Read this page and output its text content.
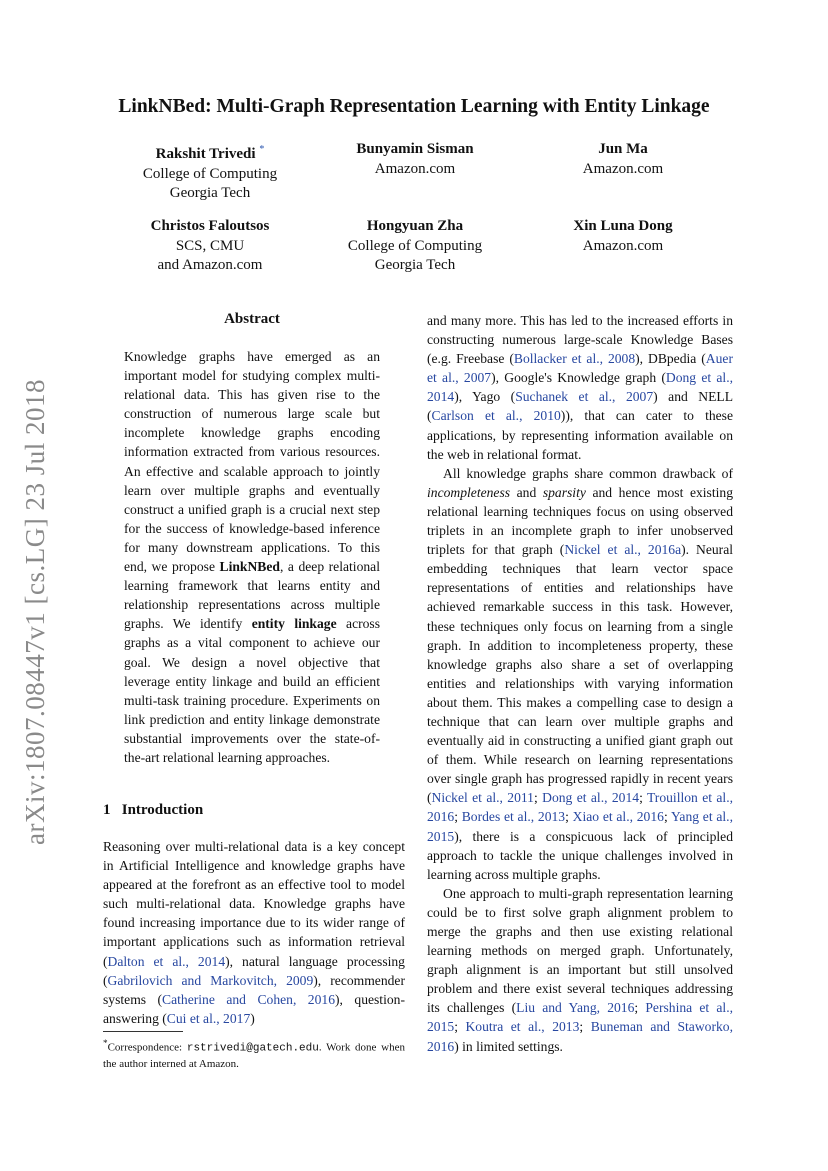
LinkNBed: Multi-Graph Representation Learning with Entity Linkage
arXiv:1807.08447v1 [cs.LG] 23 Jul 2018
Rakshit Trivedi *
College of Computing
Georgia Tech
Bunyamin Sisman
Amazon.com
Jun Ma
Amazon.com
Christos Faloutsos
SCS, CMU
and Amazon.com
Hongyuan Zha
College of Computing
Georgia Tech
Xin Luna Dong
Amazon.com
Abstract
Knowledge graphs have emerged as an important model for studying complex multi-relational data. This has given rise to the construction of numerous large scale but incomplete knowledge graphs encoding information extracted from various resources. An effective and scalable approach to jointly learn over multiple graphs and eventually construct a unified graph is a crucial next step for the success of knowledge-based inference for many downstream applications. To this end, we propose LinkNBed, a deep relational learning framework that learns entity and relationship representations across multiple graphs. We identify entity linkage across graphs as a vital component to achieve our goal. We design a novel objective that leverage entity linkage and build an efficient multi-task training procedure. Experiments on link prediction and entity linkage demonstrate substantial improvements over the state-of-the-art relational learning approaches.
1 Introduction
Reasoning over multi-relational data is a key concept in Artificial Intelligence and knowledge graphs have appeared at the forefront as an effective tool to model such multi-relational data. Knowledge graphs have found increasing importance due to its wider range of important applications such as information retrieval (Dalton et al., 2014), natural language processing (Gabrilovich and Markovitch, 2009), recommender systems (Catherine and Cohen, 2016), question-answering (Cui et al., 2017)
*Correspondence: rstrivedi@gatech.edu. Work done when the author interned at Amazon.

and many more. This has led to the increased efforts in constructing numerous large-scale Knowledge Bases (e.g. Freebase (Bollacker et al., 2008), DBpedia (Auer et al., 2007), Google's Knowledge graph (Dong et al., 2014), Yago (Suchanek et al., 2007) and NELL (Carlson et al., 2010)), that can cater to these applications, by representing information available on the web in relational format.

All knowledge graphs share common drawback of incompleteness and sparsity and hence most existing relational learning techniques focus on using observed triplets in an incomplete graph to infer unobserved triplets for that graph (Nickel et al., 2016a). Neural embedding techniques that learn vector space representations of entities and relationships have achieved remarkable success in this task. However, these techniques only focus on learning from a single graph. In addition to incompleteness property, these knowledge graphs also share a set of overlapping entities and relationships with varying information about them. This makes a compelling case to design a technique that can learn over multiple graphs and eventually aid in constructing a unified giant graph out of them. While research on learning representations over single graph has progressed rapidly in recent years (Nickel et al., 2011; Dong et al., 2014; Trouillon et al., 2016; Bordes et al., 2013; Xiao et al., 2016; Yang et al., 2015), there is a conspicuous lack of principled approach to tackle the unique challenges involved in learning across multiple graphs.

One approach to multi-graph representation learning could be to first solve graph alignment problem to merge the graphs and then use existing relational learning methods on merged graph. Unfortunately, graph alignment is an important but still unsolved problem and there exist several techniques addressing its challenges (Liu and Yang, 2016; Pershina et al., 2015; Koutra et al., 2013; Buneman and Staworko, 2016) in limited settings.
